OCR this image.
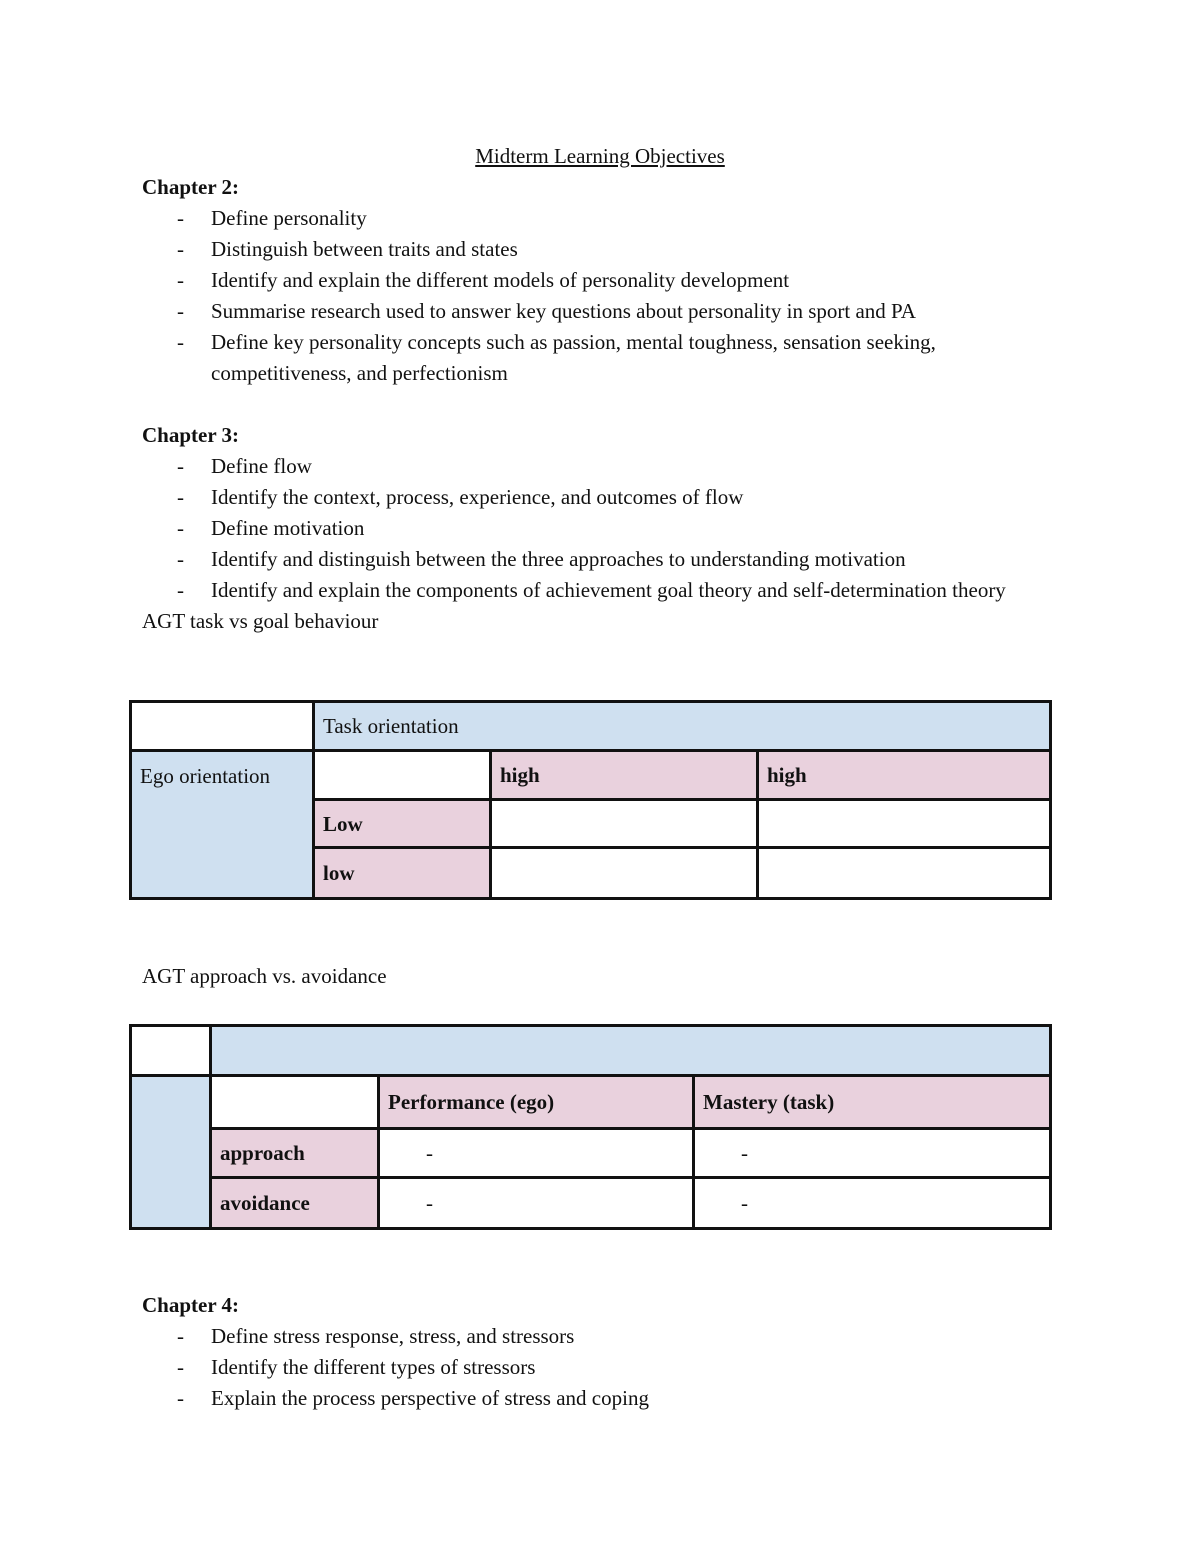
Midterm Learning Objectives
Chapter 2:
- Define personality
- Distinguish between traits and states
- Identify and explain the different models of personality development
- Summarise research used to answer key questions about personality in sport and PA
- Define key personality concepts such as passion, mental toughness, sensation seeking, competitiveness, and perfectionism
Chapter 3:
- Define flow
- Identify the context, process, experience, and outcomes of flow
- Define motivation
- Identify and distinguish between the three approaches to understanding motivation
- Identify and explain the components of achievement goal theory and self-determination theory
AGT task vs goal behaviour
	Task orientation		
Ego orientation		high	high
	Low		
	low		
AGT approach vs. avoidance

		Performance (ego)	Mastery (task)
	approach	-	-
	avoidance	-	-
Chapter 4:
- Define stress response, stress, and stressors
- Identify the different types of stressors
- Explain the process perspective of stress and coping
